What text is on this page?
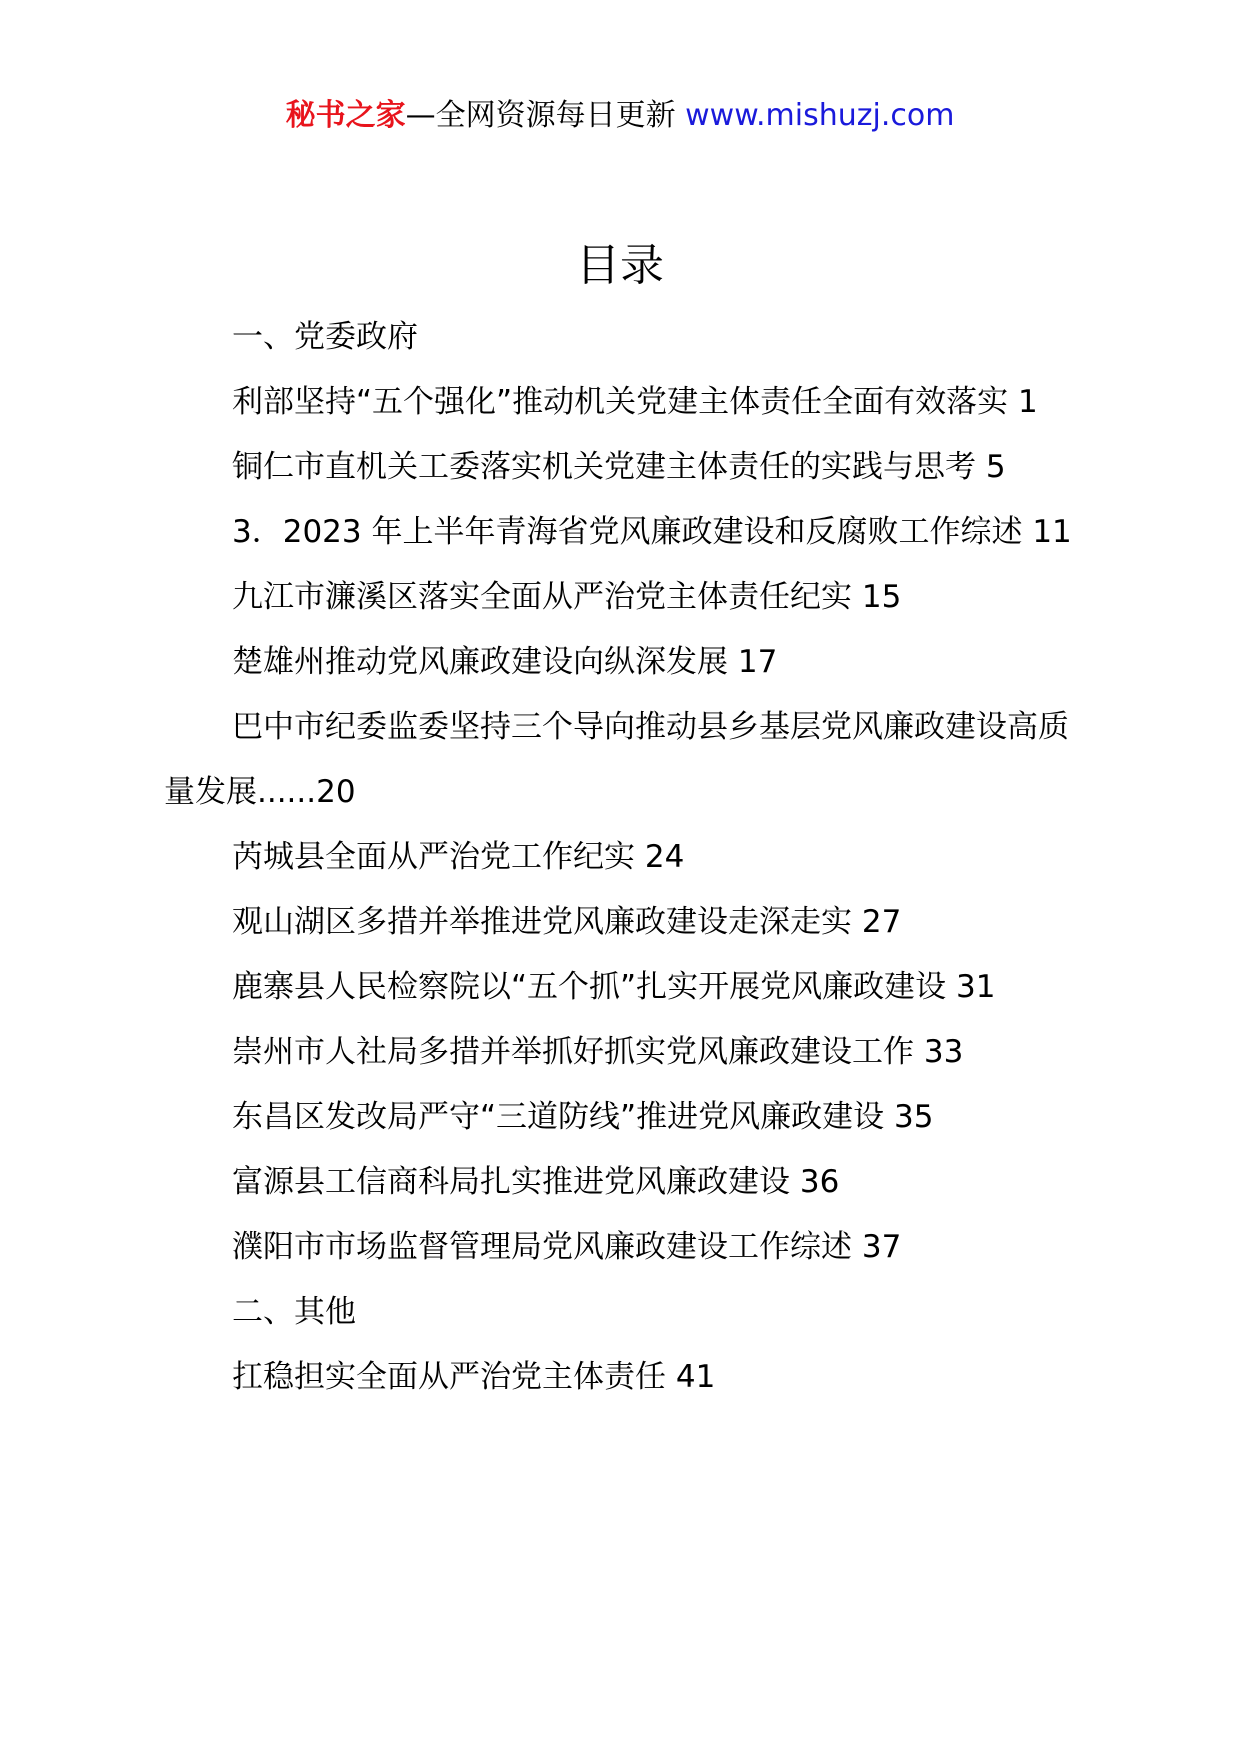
秘书之家—全网资源每日更新 www.mishuzj.com
目录

一、党委政府

利部坚持“五个强化”推动机关党建主体责任全面有效落实 1

铜仁市直机关工委落实机关党建主体责任的实践与思考 5

3．2023 年上半年青海省党风廉政建设和反腐败工作综述 11

九江市濂溪区落实全面从严治党主体责任纪实 15

楚雄州推动党风廉政建设向纵深发展 17

巴中市纪委监委坚持三个导向推动县乡基层党风廉政建设高质量发展......20

芮城县全面从严治党工作纪实 24

观山湖区多措并举推进党风廉政建设走深走实 27

鹿寨县人民检察院以“五个抓”扎实开展党风廉政建设 31

崇州市人社局多措并举抓好抓实党风廉政建设工作 33

东昌区发改局严守“三道防线”推进党风廉政建设 35

富源县工信商科局扎实推进党风廉政建设 36

濮阳市市场监督管理局党风廉政建设工作综述 37

二、其他

扛稳担实全面从严治党主体责任 41
